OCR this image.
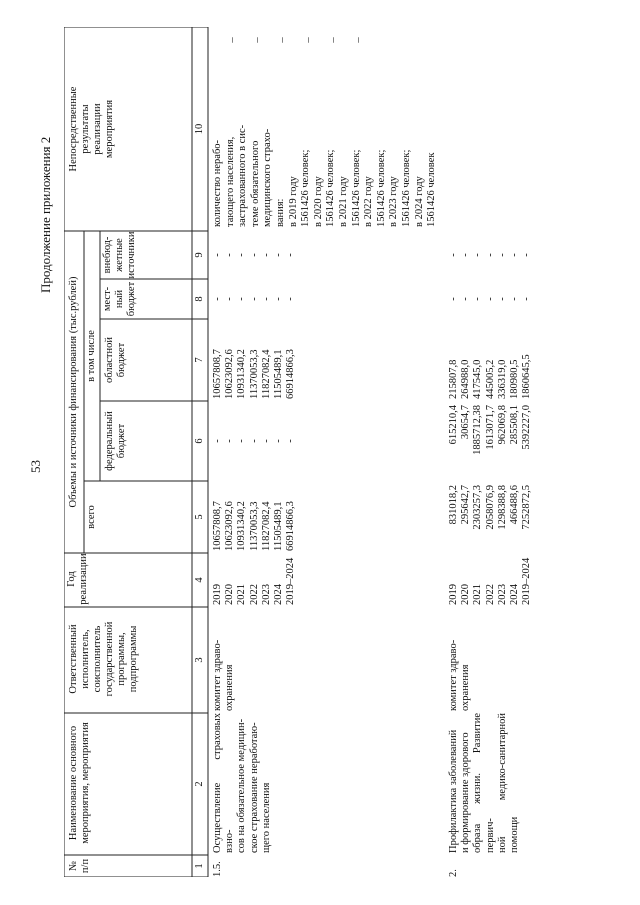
53
Продолжение приложения 2
№
п/п
Наименование основного
мероприятия, мероприятия
Ответственный
исполнитель,
соисполнитель
государственной
программы,
подпрограммы
Год
реализации
Объемы и источники финансирования (тыс.рублей)
всего
в том числе
федеральный
бюджет
областной
бюджет
мест-
ный
бюджет
внебюд-
жетные
источники
Непосредственные
результаты
реализации
мероприятия
1
2
3
4
5
6
7
8
9
10
1.5.
Осуществление страховых взно-
сов на обязательное медицин-
ское страхование неработаю-
щего населения
комитет здраво-
охранения
2019
2020
2021
2022
2023
2024
2019–2024
10657808,7
10623092,6
10931340,2
11370053,3
11827082,4
11505489,1
66914866,3
-
-
-
-
-
-
-
10657808,7
10623092,6
10931340,2
11370053,3
11827082,4
11505489,1
66914866,3
-
-
-
-
-
-
-
-
-
-
-
-
-
-
количество нерабо-
тающего населения,
застрахованного в сис-
теме обязательного
медицинского страхо-
вания:
в 2019 году
1561426 человек;
в 2020 году
1561426 человек;
в 2021 году
1561426 человек;
в 2022 году
1561426 человек;
в 2023 году
1561426 человек;
в 2024 году
1561426 человек
–
–
–
–
–
–
2.
Профилактика заболеваний
и формирование здорового
образа жизни. Развитие первич-
ной медико-санитарной помощи
комитет здраво-
охранения
2019
2020
2021
2022
2023
2024
2019–2024
831018,2
295642,7
2303257,3
2058076,9
1298388,8
466488,6
7252872,5
615210,4
30654,7
1885712,38
1613071,7
962069,8
285508,1
5392227,0
215807,8
264988,0
417545,0
445005,2
336319,0
180980,5
1860645,5
-
-
-
-
-
-
-
-
-
-
-
-
-
-
